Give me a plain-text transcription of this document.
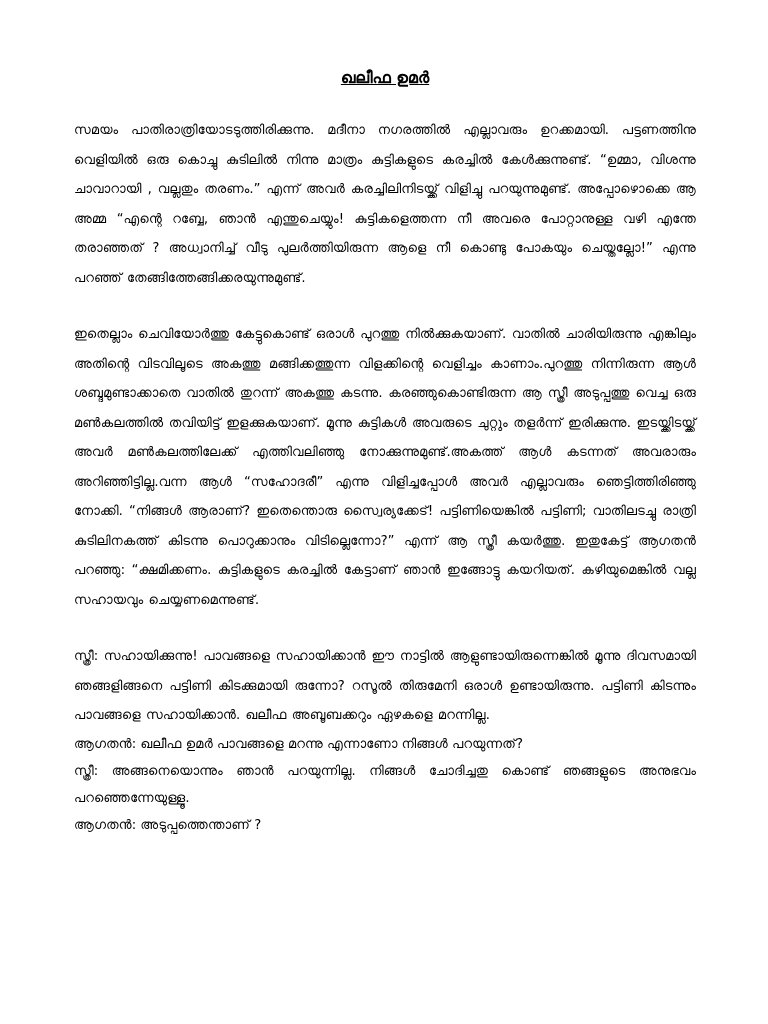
ഖലീഫ ഉമർ

സമയം പാതിരാത്രിയോടടുത്തിരിക്കുന്നു. മദീനാ നഗരത്തിൽ എല്ലാവരും ഉറക്കമായി. പട്ടണത്തിനു വെളിയിൽ ഒരു കൊച്ചു കുടിലിൽ നിന്നു മാത്രം കുട്ടികളുടെ കരച്ചിൽ കേൾക്കുന്നുണ്ട്. “ഉമ്മാ, വിശന്നു ചാവാറായി , വല്ലതും തരണം.” എന്ന് അവർ കരച്ചിലിനിടയ്ക്ക് വിളിച്ചു പറയുന്നുമുണ്ട്. അപ്പോഴൊക്കെ ആ അമ്മ “എന്റെ റബ്ബേ, ഞാൻ എന്തുചെയ്യും! കുട്ടികളെത്തന്ന നീ അവരെ പോറ്റാനുള്ള വഴി എന്തേ തരാഞ്ഞത് ? അധ്വാനിച്ച് വീടു പുലർത്തിയിരുന്ന ആളെ നീ കൊണ്ടു പോകയും ചെയ്തല്ലോ!” എന്നു പറഞ്ഞ് തേങ്ങിത്തേങ്ങിക്കരയുന്നുമുണ്ട്.

ഇതെല്ലാം ചെവിയോർത്തു കേട്ടുകൊണ്ട് ഒരാൾ പുറത്തു നിൽക്കുകയാണ്. വാതിൽ ചാരിയിരുന്നു എങ്കിലും അതിന്റെ വിടവിലൂടെ അകത്തു മങ്ങിക്കത്തുന്ന വിളക്കിന്റെ വെളിച്ചം കാണാം.പുറത്തു നിന്നിരുന്ന ആൾ ശബ്ദമുണ്ടാക്കാതെ വാതിൽ തുറന്ന് അകത്തു കടന്നു. കരഞ്ഞുകൊണ്ടിരുന്ന ആ സ്ത്രീ അടുപ്പത്തു വെച്ച ഒരു മൺകലത്തിൽ തവിയിട്ട് ഇളക്കുകയാണ്. മൂന്നു കുട്ടികൾ അവരുടെ ചുറ്റും തളർന്ന് ഇരിക്കുന്നു. ഇടയ്ക്കിടയ്ക്ക് അവർ മൺകലത്തിലേക്ക് എത്തിവലിഞ്ഞു നോക്കുന്നുമുണ്ട്.അകത്ത് ആൾ കടന്നത് അവരാരും അറിഞ്ഞിട്ടില്ല.വന്ന ആൾ “സഹോദരീ” എന്നു വിളിച്ചപ്പോൾ അവർ എല്ലാവരും ഞെട്ടിത്തിരിഞ്ഞു നോക്കി. “നിങ്ങൾ ആരാണ്? ഇതെന്തൊരു സ്വൈര്യക്കേട്! പട്ടിണിയെങ്കിൽ പട്ടിണി; വാതിലടച്ചു രാത്രി കുടിലിനകത്ത് കിടന്നു പൊറുക്കാനും വിടില്ലെന്നോ?” എന്ന് ആ സ്ത്രീ കയർത്തു. ഇതുകേട്ട് ആഗതൻ പറഞ്ഞു: “ക്ഷമിക്കണം. കുട്ടികളുടെ കരച്ചിൽ കേട്ടാണ് ഞാൻ ഇങ്ങോട്ടു കയറിയത്. കഴിയുമെങ്കിൽ വല്ല സഹായവും ചെയ്യണമെന്നുണ്ട്.

സ്ത്രീ: സഹായിക്കുന്നു! പാവങ്ങളെ സഹായിക്കാൻ ഈ നാട്ടിൽ ആളുണ്ടായിരുന്നെങ്കിൽ മൂന്നു ദിവസമായി ഞങ്ങളിങ്ങനെ പട്ടിണി കിടക്കുമായി രുന്നോ? റസൂൽ തിരുമേനി ഒരാൾ ഉണ്ടായിരുന്നു. പട്ടിണി കിടന്നും പാവങ്ങളെ സഹായിക്കാൻ. ഖലീഫ അബൂബക്കറും ഏഴകളെ മറന്നില്ല.

ആഗതൻ: ഖലീഫ ഉമർ പാവങ്ങളെ മറന്നു എന്നാണോ നിങ്ങൾ പറയുന്നത്?

സ്ത്രീ: അങ്ങനെയൊന്നും ഞാൻ പറയുന്നില്ല. നിങ്ങൾ ചോദിച്ചതു കൊണ്ട് ഞങ്ങളുടെ അനുഭവം പറഞ്ഞെന്നേയുള്ളൂ.

ആഗതൻ: അടുപ്പത്തെന്താണ് ?
